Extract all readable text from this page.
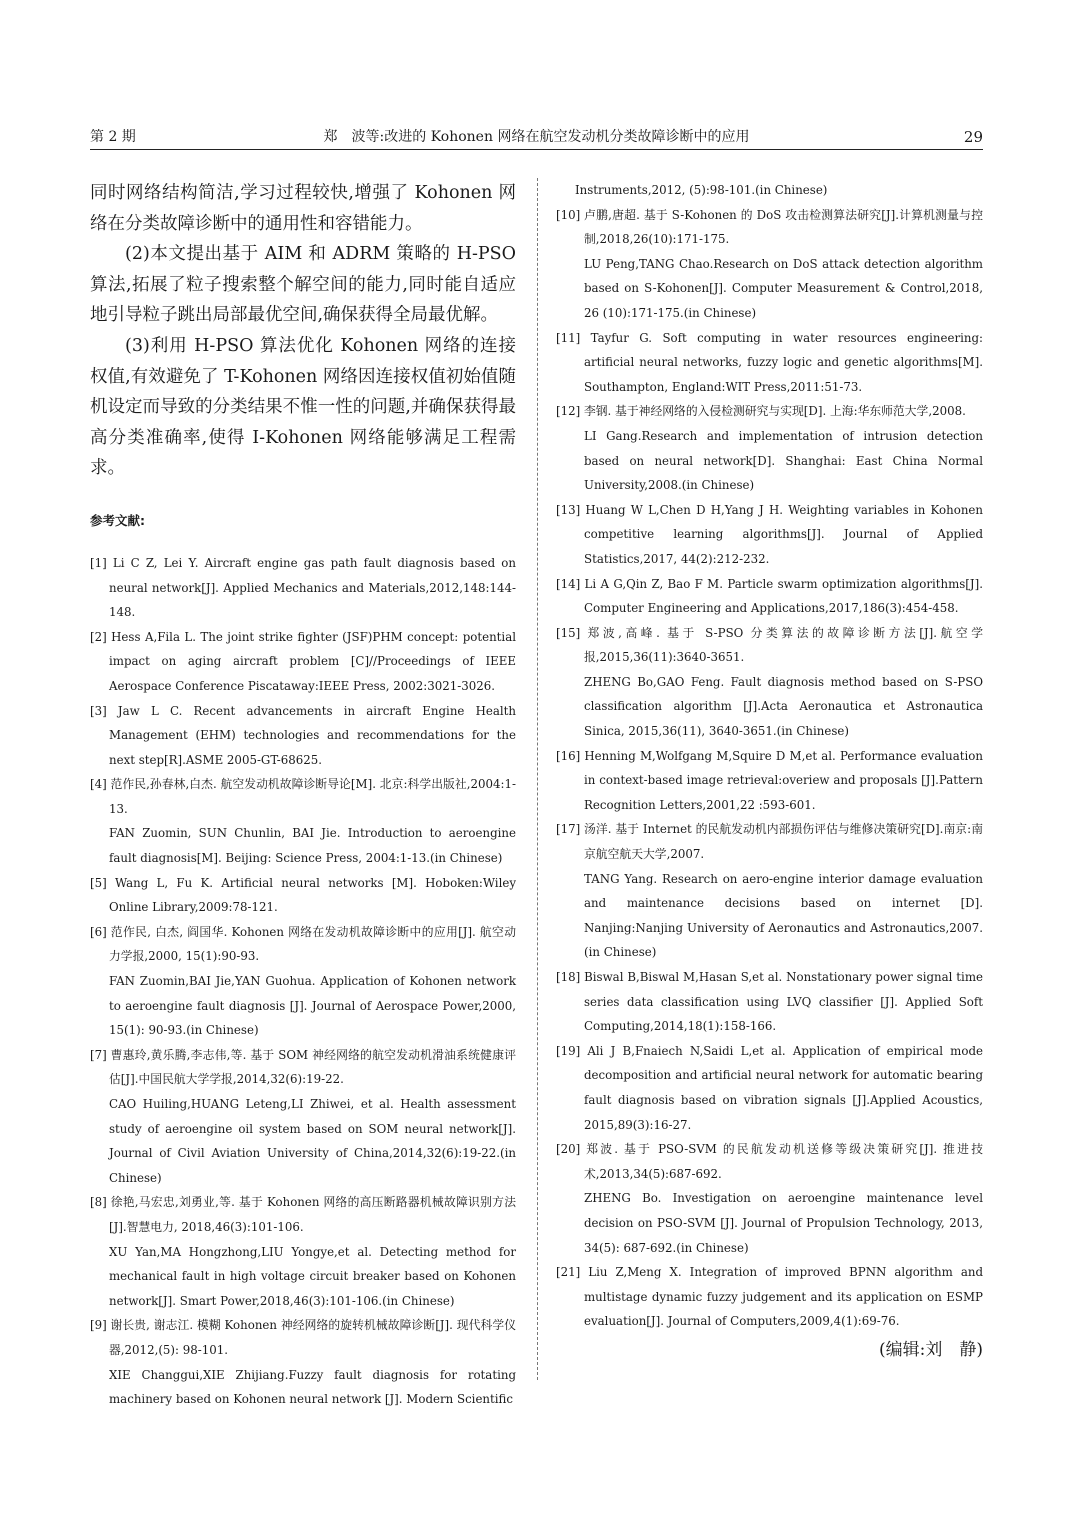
第 2 期	郑　波等:改进的 Kohonen 网络在航空发动机分类故障诊断中的应用	29

同时网络结构简洁,学习过程较快,增强了 Kohonen 网络在分类故障诊断中的通用性和容错能力。

(2)本文提出基于 AIM 和 ADRM 策略的 H-PSO 算法,拓展了粒子搜索整个解空间的能力,同时能自适应地引导粒子跳出局部最优空间,确保获得全局最优解。

(3)利用 H-PSO 算法优化 Kohonen 网络的连接权值,有效避免了 T-Kohonen 网络因连接权值初始值随机设定而导致的分类结果不惟一性的问题,并确保获得最高分类准确率,使得 I-Kohonen 网络能够满足工程需求。

参考文献:
[1] Li C Z, Lei Y. Aircraft engine gas path fault diagnosis based on neural network[J]. Applied Mechanics and Materials,2012,148:144-148.
[2] Hess A,Fila L. The joint strike fighter (JSF)PHM concept: potential impact on aging aircraft problem [C]//Proceedings of IEEE Aerospace Conference Piscataway:IEEE Press, 2002:3021-3026.
[3] Jaw L C. Recent advancements in aircraft Engine Health Management (EHM) technologies and recommendations for the next step[R].ASME 2005-GT-68625.
[4] 范作民,孙春林,白杰. 航空发动机故障诊断导论[M]. 北京:科学出版社,2004:1-13.
FAN Zuomin, SUN Chunlin, BAI Jie. Introduction to aeroengine fault diagnosis[M]. Beijing: Science Press, 2004:1-13.(in Chinese)
[5] Wang L, Fu K. Artificial neural networks [M]. Hoboken:Wiley Online Library,2009:78-121.
[6] 范作民, 白杰, 阎国华. Kohonen 网络在发动机故障诊断中的应用[J]. 航空动力学报,2000, 15(1):90-93.
FAN Zuomin,BAI Jie,YAN Guohua. Application of Kohonen network to aeroengine fault diagnosis [J]. Journal of Aerospace Power,2000, 15(1): 90-93.(in Chinese)
[7] 曹惠玲,黄乐腾,李志伟,等. 基于 SOM 神经网络的航空发动机滑油系统健康评估[J].中国民航大学学报,2014,32(6):19-22.
CAO Huiling,HUANG Leteng,LI Zhiwei, et al. Health assessment study of aeroengine oil system based on SOM neural network[J]. Journal of Civil Aviation University of China,2014,32(6):19-22.(in Chinese)
[8] 徐艳,马宏忠,刘勇业,等. 基于 Kohonen 网络的高压断路器机械故障识别方法[J].智慧电力, 2018,46(3):101-106.
XU Yan,MA Hongzhong,LIU Yongye,et al. Detecting method for mechanical fault in high voltage circuit breaker based on Kohonen network[J]. Smart Power,2018,46(3):101-106.(in Chinese)
[9] 谢长贵, 谢志江. 模糊 Kohonen 神经网络的旋转机械故障诊断[J]. 现代科学仪器,2012,(5): 98-101.
XIE Changgui,XIE Zhijiang.Fuzzy fault diagnosis for rotating machinery based on Kohonen neural network [J]. Modern Scientific
Instruments,2012, (5):98-101.(in Chinese)
[10] 卢鹏,唐超. 基于 S-Kohonen 的 DoS 攻击检测算法研究[J].计算机测量与控制,2018,26(10):171-175.
LU Peng,TANG Chao.Research on DoS attack detection algorithm based on S-Kohonen[J]. Computer Measurement & Control,2018, 26 (10):171-175.(in Chinese)
[11] Tayfur G. Soft computing in water resources engineering: artificial neural networks, fuzzy logic and genetic algorithms[M]. Southampton, England:WIT Press,2011:51-73.
[12] 李钢. 基于神经网络的入侵检测研究与实现[D]. 上海:华东师范大学,2008.
LI Gang.Research and implementation of intrusion detection based on neural network[D]. Shanghai: East China Normal University,2008.(in Chinese)
[13] Huang W L,Chen D H,Yang J H. Weighting variables in Kohonen competitive learning algorithms[J]. Journal of Applied Statistics,2017, 44(2):212-232.
[14] Li A G,Qin Z, Bao F M. Particle swarm optimization algorithms[J]. Computer Engineering and Applications,2017,186(3):454-458.
[15] 郑波,高峰. 基于 S-PSO 分类算法的故障诊断方法[J].航空学报,2015,36(11):3640-3651.
ZHENG Bo,GAO Feng. Fault diagnosis method based on S-PSO classification algorithm [J].Acta Aeronautica et Astronautica Sinica, 2015,36(11), 3640-3651.(in Chinese)
[16] Henning M,Wolfgang M,Squire D M,et al. Performance evaluation in context-based image retrieval:overiew and proposals [J].Pattern Recognition Letters,2001,22 :593-601.
[17] 汤洋. 基于 Internet 的民航发动机内部损伤评估与维修决策研究[D].南京:南京航空航天大学,2007.
TANG Yang. Research on aero-engine interior damage evaluation and maintenance decisions based on internet [D]. Nanjing:Nanjing University of Aeronautics and Astronautics,2007.(in Chinese)
[18] Biswal B,Biswal M,Hasan S,et al. Nonstationary power signal time series data classification using LVQ classifier [J]. Applied Soft Computing,2014,18(1):158-166.
[19] Ali J B,Fnaiech N,Saidi L,et al. Application of empirical mode decomposition and artificial neural network for automatic bearing fault diagnosis based on vibration signals [J].Applied Acoustics, 2015,89(3):16-27.
[20] 郑波. 基于 PSO-SVM 的民航发动机送修等级决策研究[J]. 推进技术,2013,34(5):687-692.
ZHENG Bo. Investigation on aeroengine maintenance level decision on PSO-SVM [J]. Journal of Propulsion Technology, 2013, 34(5): 687-692.(in Chinese)
[21] Liu Z,Meng X. Integration of improved BPNN algorithm and multistage dynamic fuzzy judgement and its application on ESMP evaluation[J]. Journal of Computers,2009,4(1):69-76.
(编辑:刘　静)
